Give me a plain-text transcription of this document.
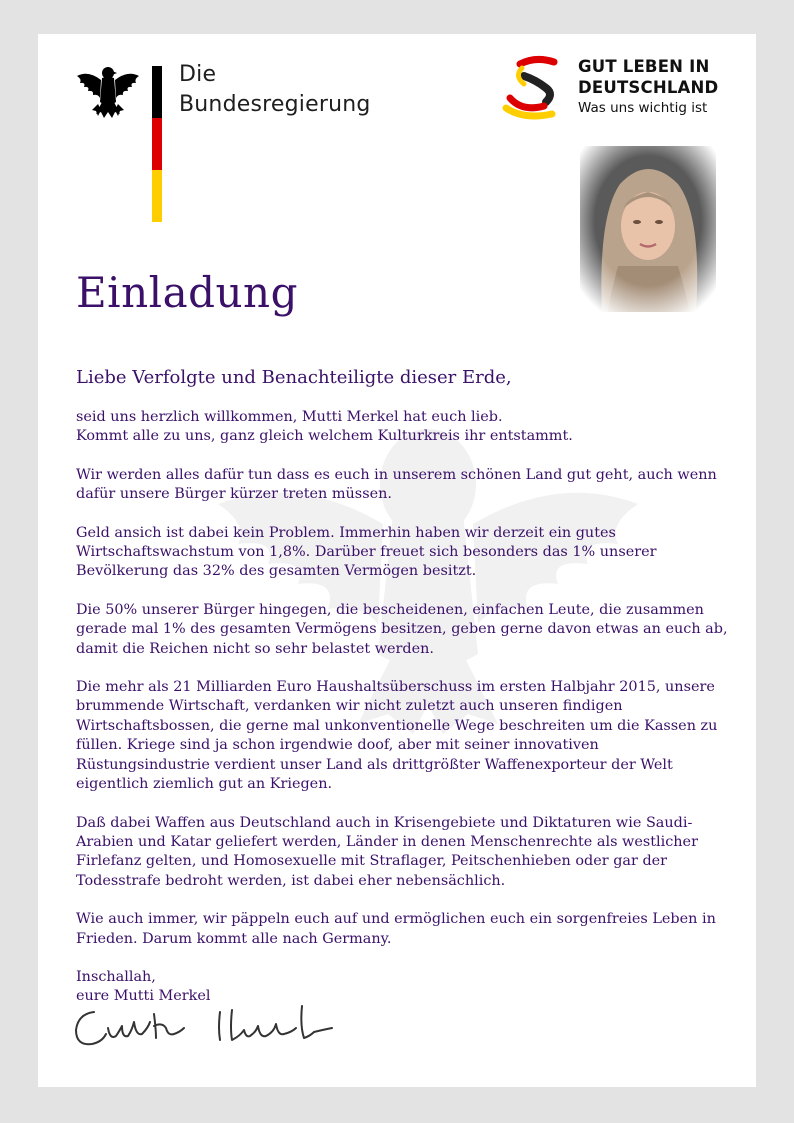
Die
Bundesregierung
GUT LEBEN IN
DEUTSCHLAND
Was uns wichtig ist
Einladung
Liebe Verfolgte und Benachteiligte dieser Erde,

seid uns herzlich willkommen, Mutti Merkel hat euch lieb.
Kommt alle zu uns, ganz gleich welchem Kulturkreis ihr entstammt.

Wir werden alles dafür tun dass es euch in unserem schönen Land gut geht, auch wenn dafür unsere Bürger kürzer treten müssen.

Geld ansich ist dabei kein Problem. Immerhin haben wir derzeit ein gutes Wirtschaftswachstum von 1,8%. Darüber freuet sich besonders das 1% unserer Bevölkerung das 32% des gesamten Vermögen besitzt.

Die 50% unserer Bürger hingegen, die bescheidenen, einfachen Leute, die zusammen gerade mal 1% des gesamten Vermögens besitzen, geben gerne davon etwas an euch ab, damit die Reichen nicht so sehr belastet werden.

Die mehr als 21 Milliarden Euro Haushaltsüberschuss im ersten Halbjahr 2015, unsere brummende Wirtschaft, verdanken wir nicht zuletzt auch unseren findigen Wirtschaftsbossen, die gerne mal unkonventionelle Wege beschreiten um die Kassen zu füllen. Kriege sind ja schon irgendwie doof, aber mit seiner innovativen Rüstungsindustrie verdient unser Land als drittgrößter Waffenexporteur der Welt eigentlich ziemlich gut an Kriegen.

Daß dabei Waffen aus Deutschland auch in Krisengebiete und Diktaturen wie Saudi-Arabien und Katar geliefert werden, Länder in denen Menschenrechte als westlicher Firlefanz gelten, und Homosexuelle mit Straflager, Peitschenhieben oder gar der Todesstrafe bedroht werden, ist dabei eher nebensächlich.

Wie auch immer, wir päppeln euch auf und ermöglichen euch ein sorgenfreies Leben in Frieden. Darum kommt alle nach Germany.

Inschallah,
eure Mutti Merkel
